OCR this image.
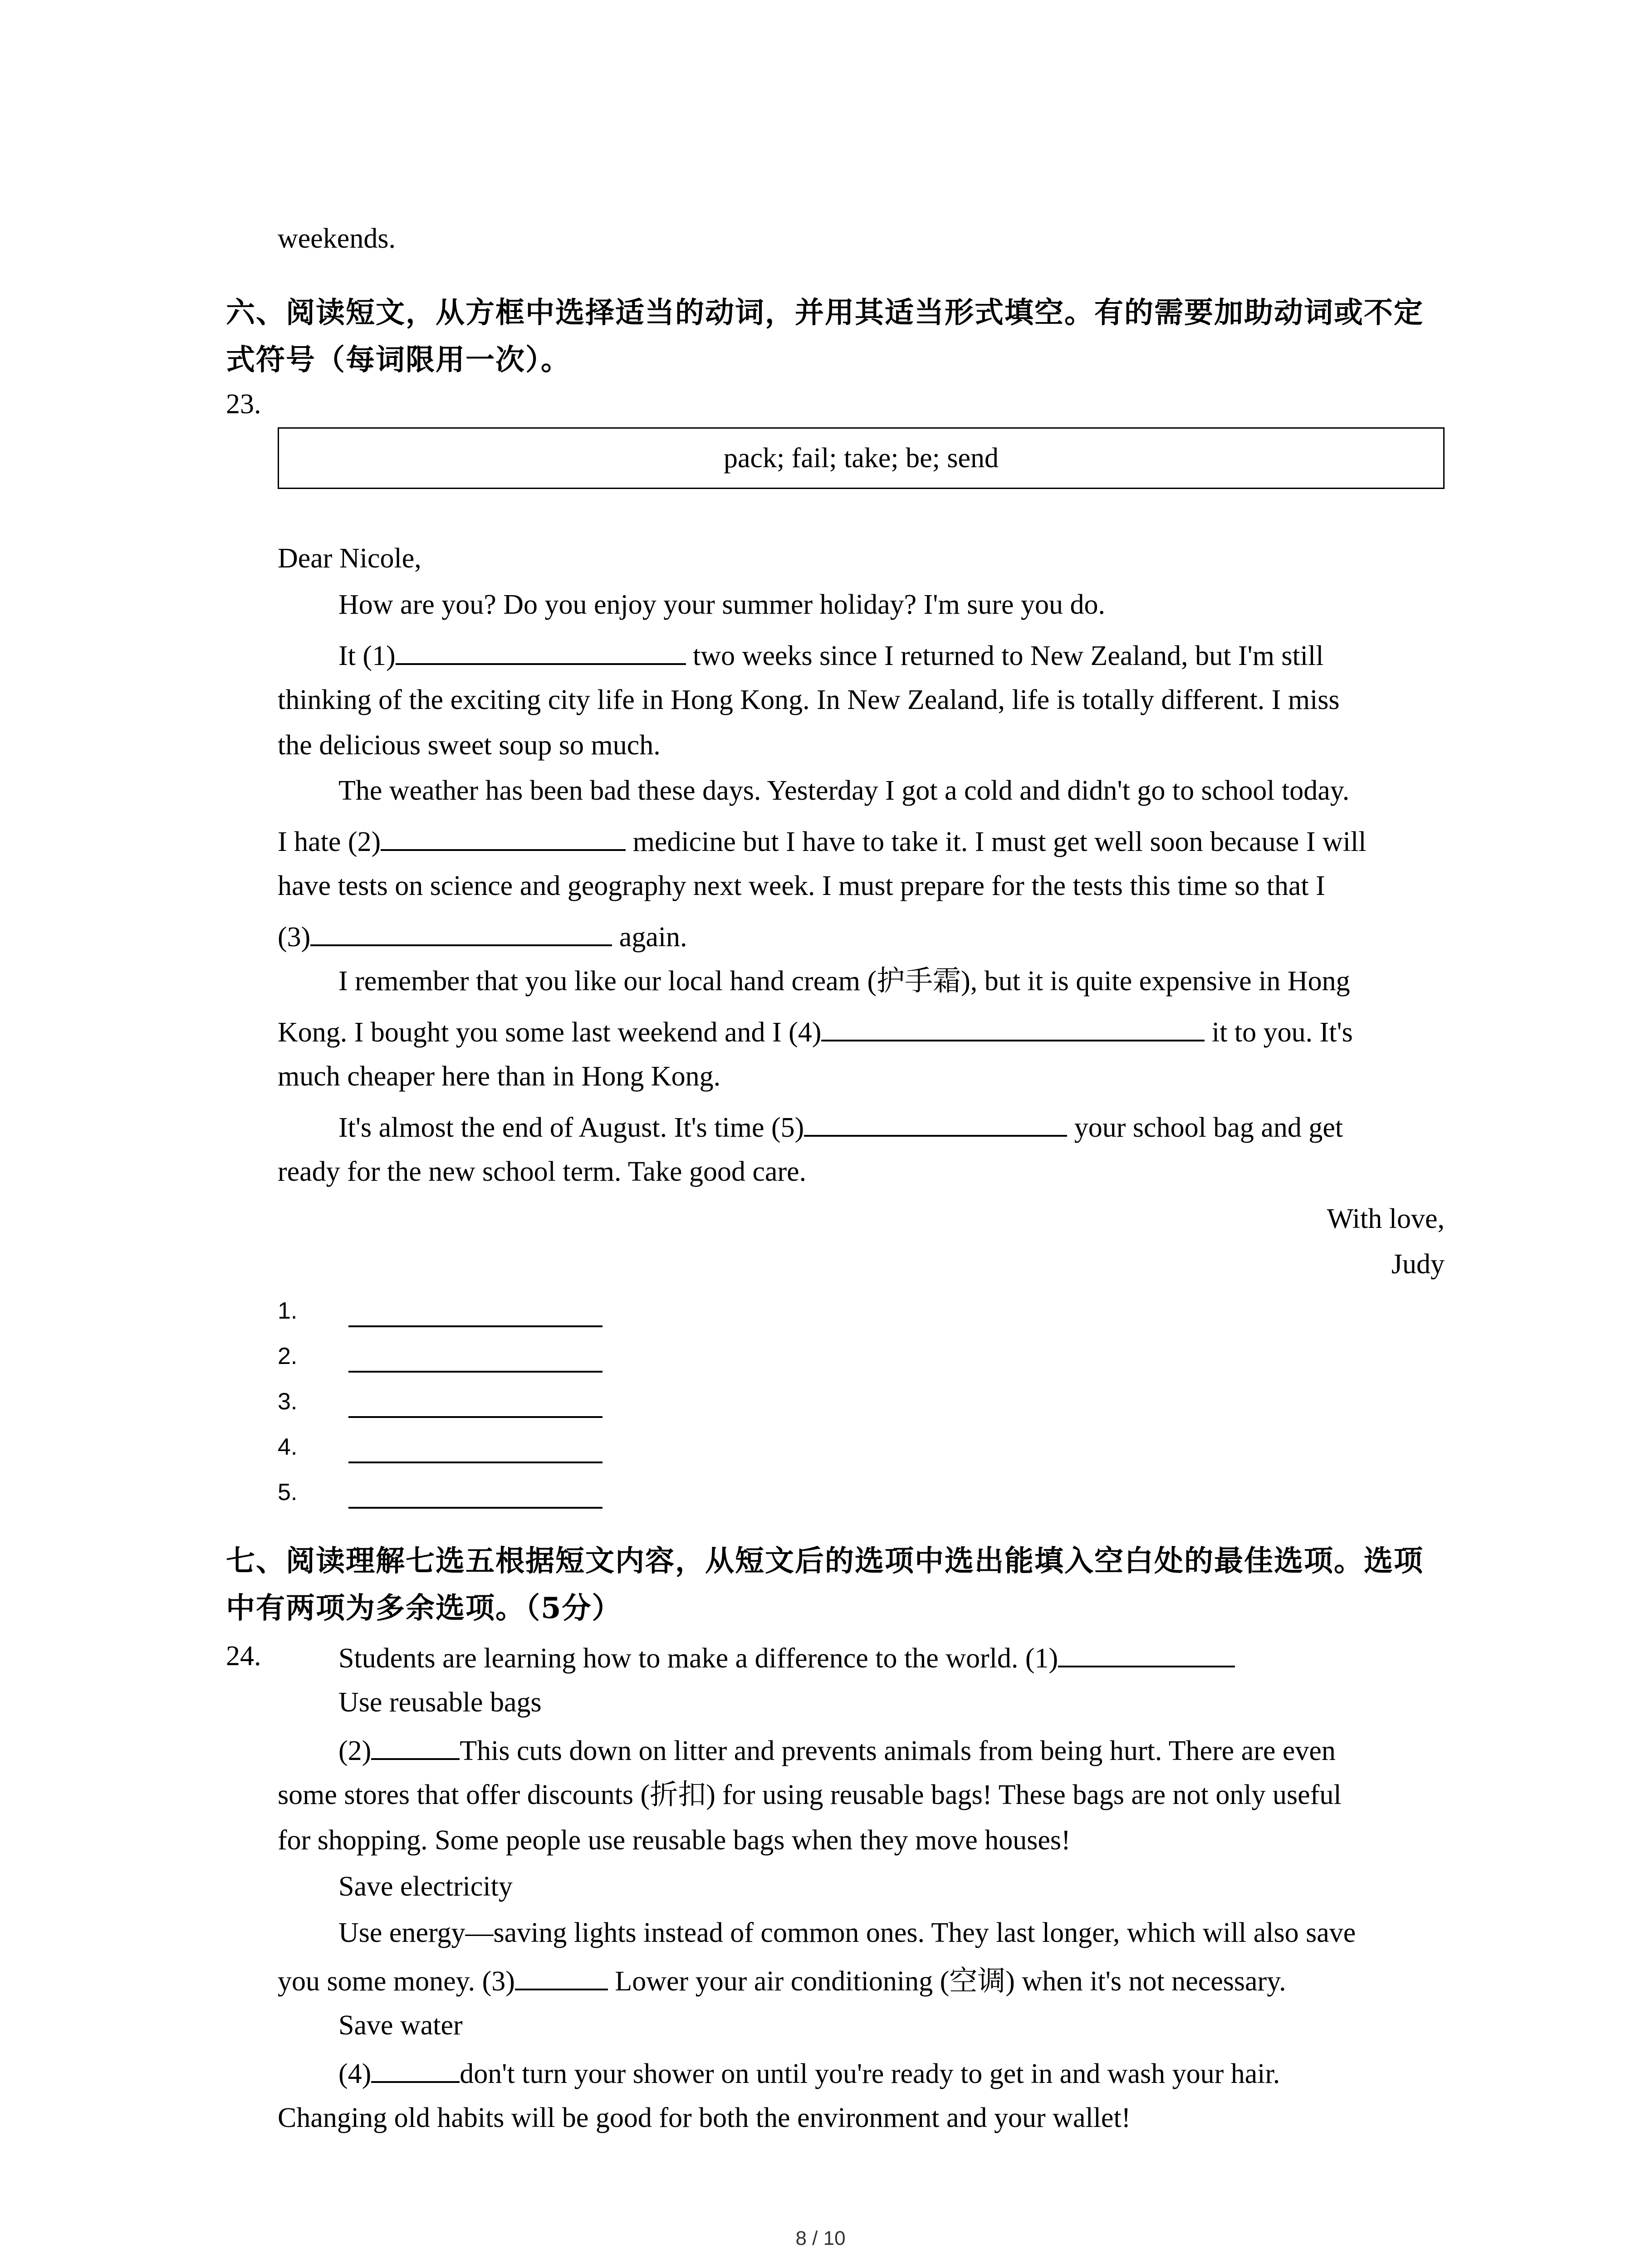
weekends.
六、阅读短文，从方框中选择适当的动词，并用其适当形式填空。有的需要加助动词或不定
式符号（每词限用一次）。
23.
pack; fail; take; be; send
Dear Nicole,
How are you? Do you enjoy your summer holiday? I'm sure you do.
It (1)	two weeks since I returned to New Zealand, but I'm still
thinking of the exciting city life in Hong Kong. In New Zealand, life is totally different. I miss
the delicious sweet soup so much.
The weather has been bad these days. Yesterday I got a cold and didn't go to school today.
I hate (2)	medicine but I have to take it. I must get well soon because I will
have tests on science and geography next week. I must prepare for the tests this time so that I
(3)	again.
I remember that you like our local hand cream (护手霜), but it is quite expensive in Hong
Kong. I bought you some last weekend and I (4)	it to you. It's
much cheaper here than in Hong Kong.
It's almost the end of August. It's time (5)	your school bag and get
ready for the new school term. Take good care.
With love,
Judy
1.
2.
3.
4.
5.
七、阅读理解七选五根据短文内容，从短文后的选项中选出能填入空白处的最佳选项。选项
中有两项为多余选项。（5分）
24.	Students are learning how to make a difference to the world. (1)
Use reusable bags
(2)	This cuts down on litter and prevents animals from being hurt. There are even
some stores that offer discounts (折扣) for using reusable bags! These bags are not only useful
for shopping. Some people use reusable bags when they move houses!
Save electricity
Use energy—saving lights instead of common ones. They last longer, which will also save
you some money. (3)	Lower your air conditioning (空调) when it's not necessary.
Save water
(4)	don't turn your shower on until you're ready to get in and wash your hair.
Changing old habits will be good for both the environment and your wallet!
8 / 10
